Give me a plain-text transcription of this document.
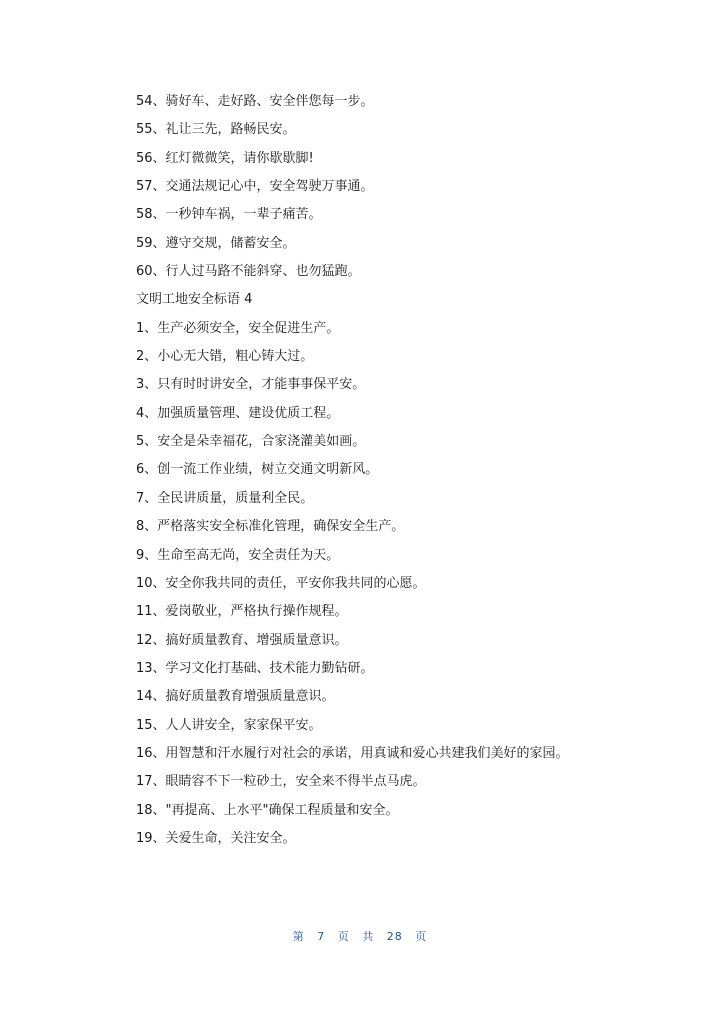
54、骑好车、走好路、安全伴您每一步。
55、礼让三先，路畅民安。
56、红灯微微笑，请你歇歇脚!
57、交通法规记心中，安全驾驶万事通。
58、一秒钟车祸，一辈子痛苦。
59、遵守交规，储蓄安全。
60、行人过马路不能斜穿、也勿猛跑。
文明工地安全标语 4
1、生产必须安全，安全促进生产。
2、小心无大错，粗心铸大过。
3、只有时时讲安全，才能事事保平安。
4、加强质量管理、建设优质工程。
5、安全是朵幸福花，合家浇灌美如画。
6、创一流工作业绩，树立交通文明新风。
7、全民讲质量，质量利全民。
8、严格落实安全标准化管理，确保安全生产。
9、生命至高无尚，安全责任为天。
10、安全你我共同的责任，平安你我共同的心愿。
11、爱岗敬业，严格执行操作规程。
12、搞好质量教育、增强质量意识。
13、学习文化打基础、技术能力勤钻研。
14、搞好质量教育增强质量意识。
15、人人讲安全，家家保平安。
16、用智慧和汗水履行对社会的承诺，用真诚和爱心共建我们美好的家园。
17、眼睛容不下一粒砂土，安全来不得半点马虎。
18、"再提高、上水平"确保工程质量和安全。
19、关爱生命，关注安全。
第 7 页 共 28 页
